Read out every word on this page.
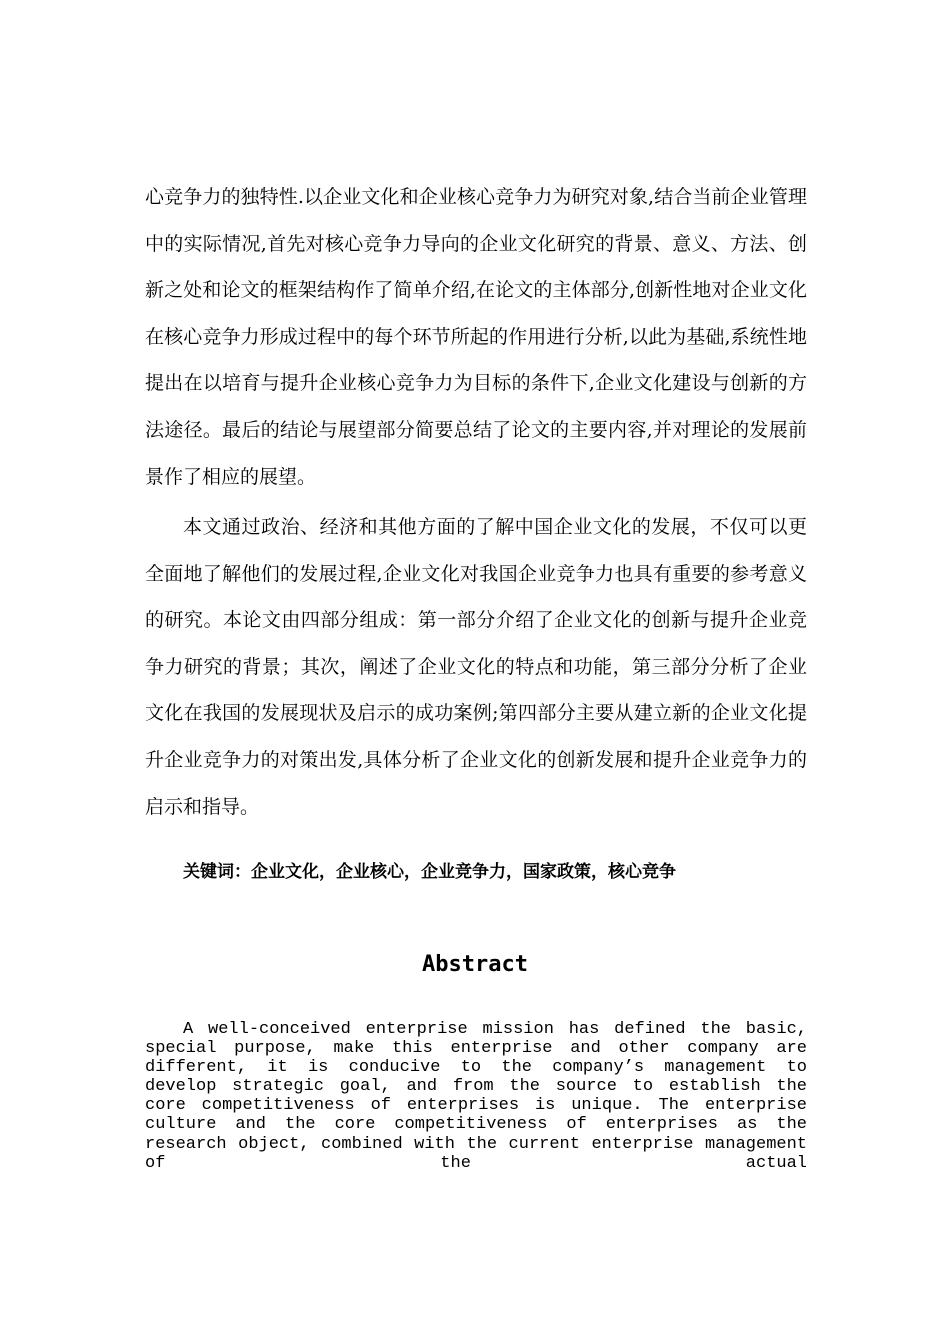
心竞争力的独特性.以企业文化和企业核心竞争力为研究对象,结合当前企业管理中的实际情况,首先对核心竞争力导向的企业文化研究的背景、意义、方法、创新之处和论文的框架结构作了简单介绍,在论文的主体部分,创新性地对企业文化在核心竞争力形成过程中的每个环节所起的作用进行分析,以此为基础,系统性地提出在以培育与提升企业核心竞争力为目标的条件下,企业文化建设与创新的方法途径。最后的结论与展望部分简要总结了论文的主要内容,并对理论的发展前景作了相应的展望。

本文通过政治、经济和其他方面的了解中国企业文化的发展，不仅可以更全面地了解他们的发展过程,企业文化对我国企业竞争力也具有重要的参考意义的研究。本论文由四部分组成：第一部分介绍了企业文化的创新与提升企业竞争力研究的背景；其次，阐述了企业文化的特点和功能，第三部分分析了企业文化在我国的发展现状及启示的成功案例;第四部分主要从建立新的企业文化提升企业竞争力的对策出发,具体分析了企业文化的创新发展和提升企业竞争力的启示和指导。

关键词：企业文化，企业核心，企业竞争力，国家政策，核心竞争

Abstract

A well-conceived enterprise mission has defined the basic, special purpose, make this enterprise and other company are different, it is conducive to the company’s management to develop strategic goal, and from the source to establish the core competitiveness of enterprises is unique. The enterprise culture and the core competitiveness of enterprises as the research object, combined with the current enterprise management of the actual
